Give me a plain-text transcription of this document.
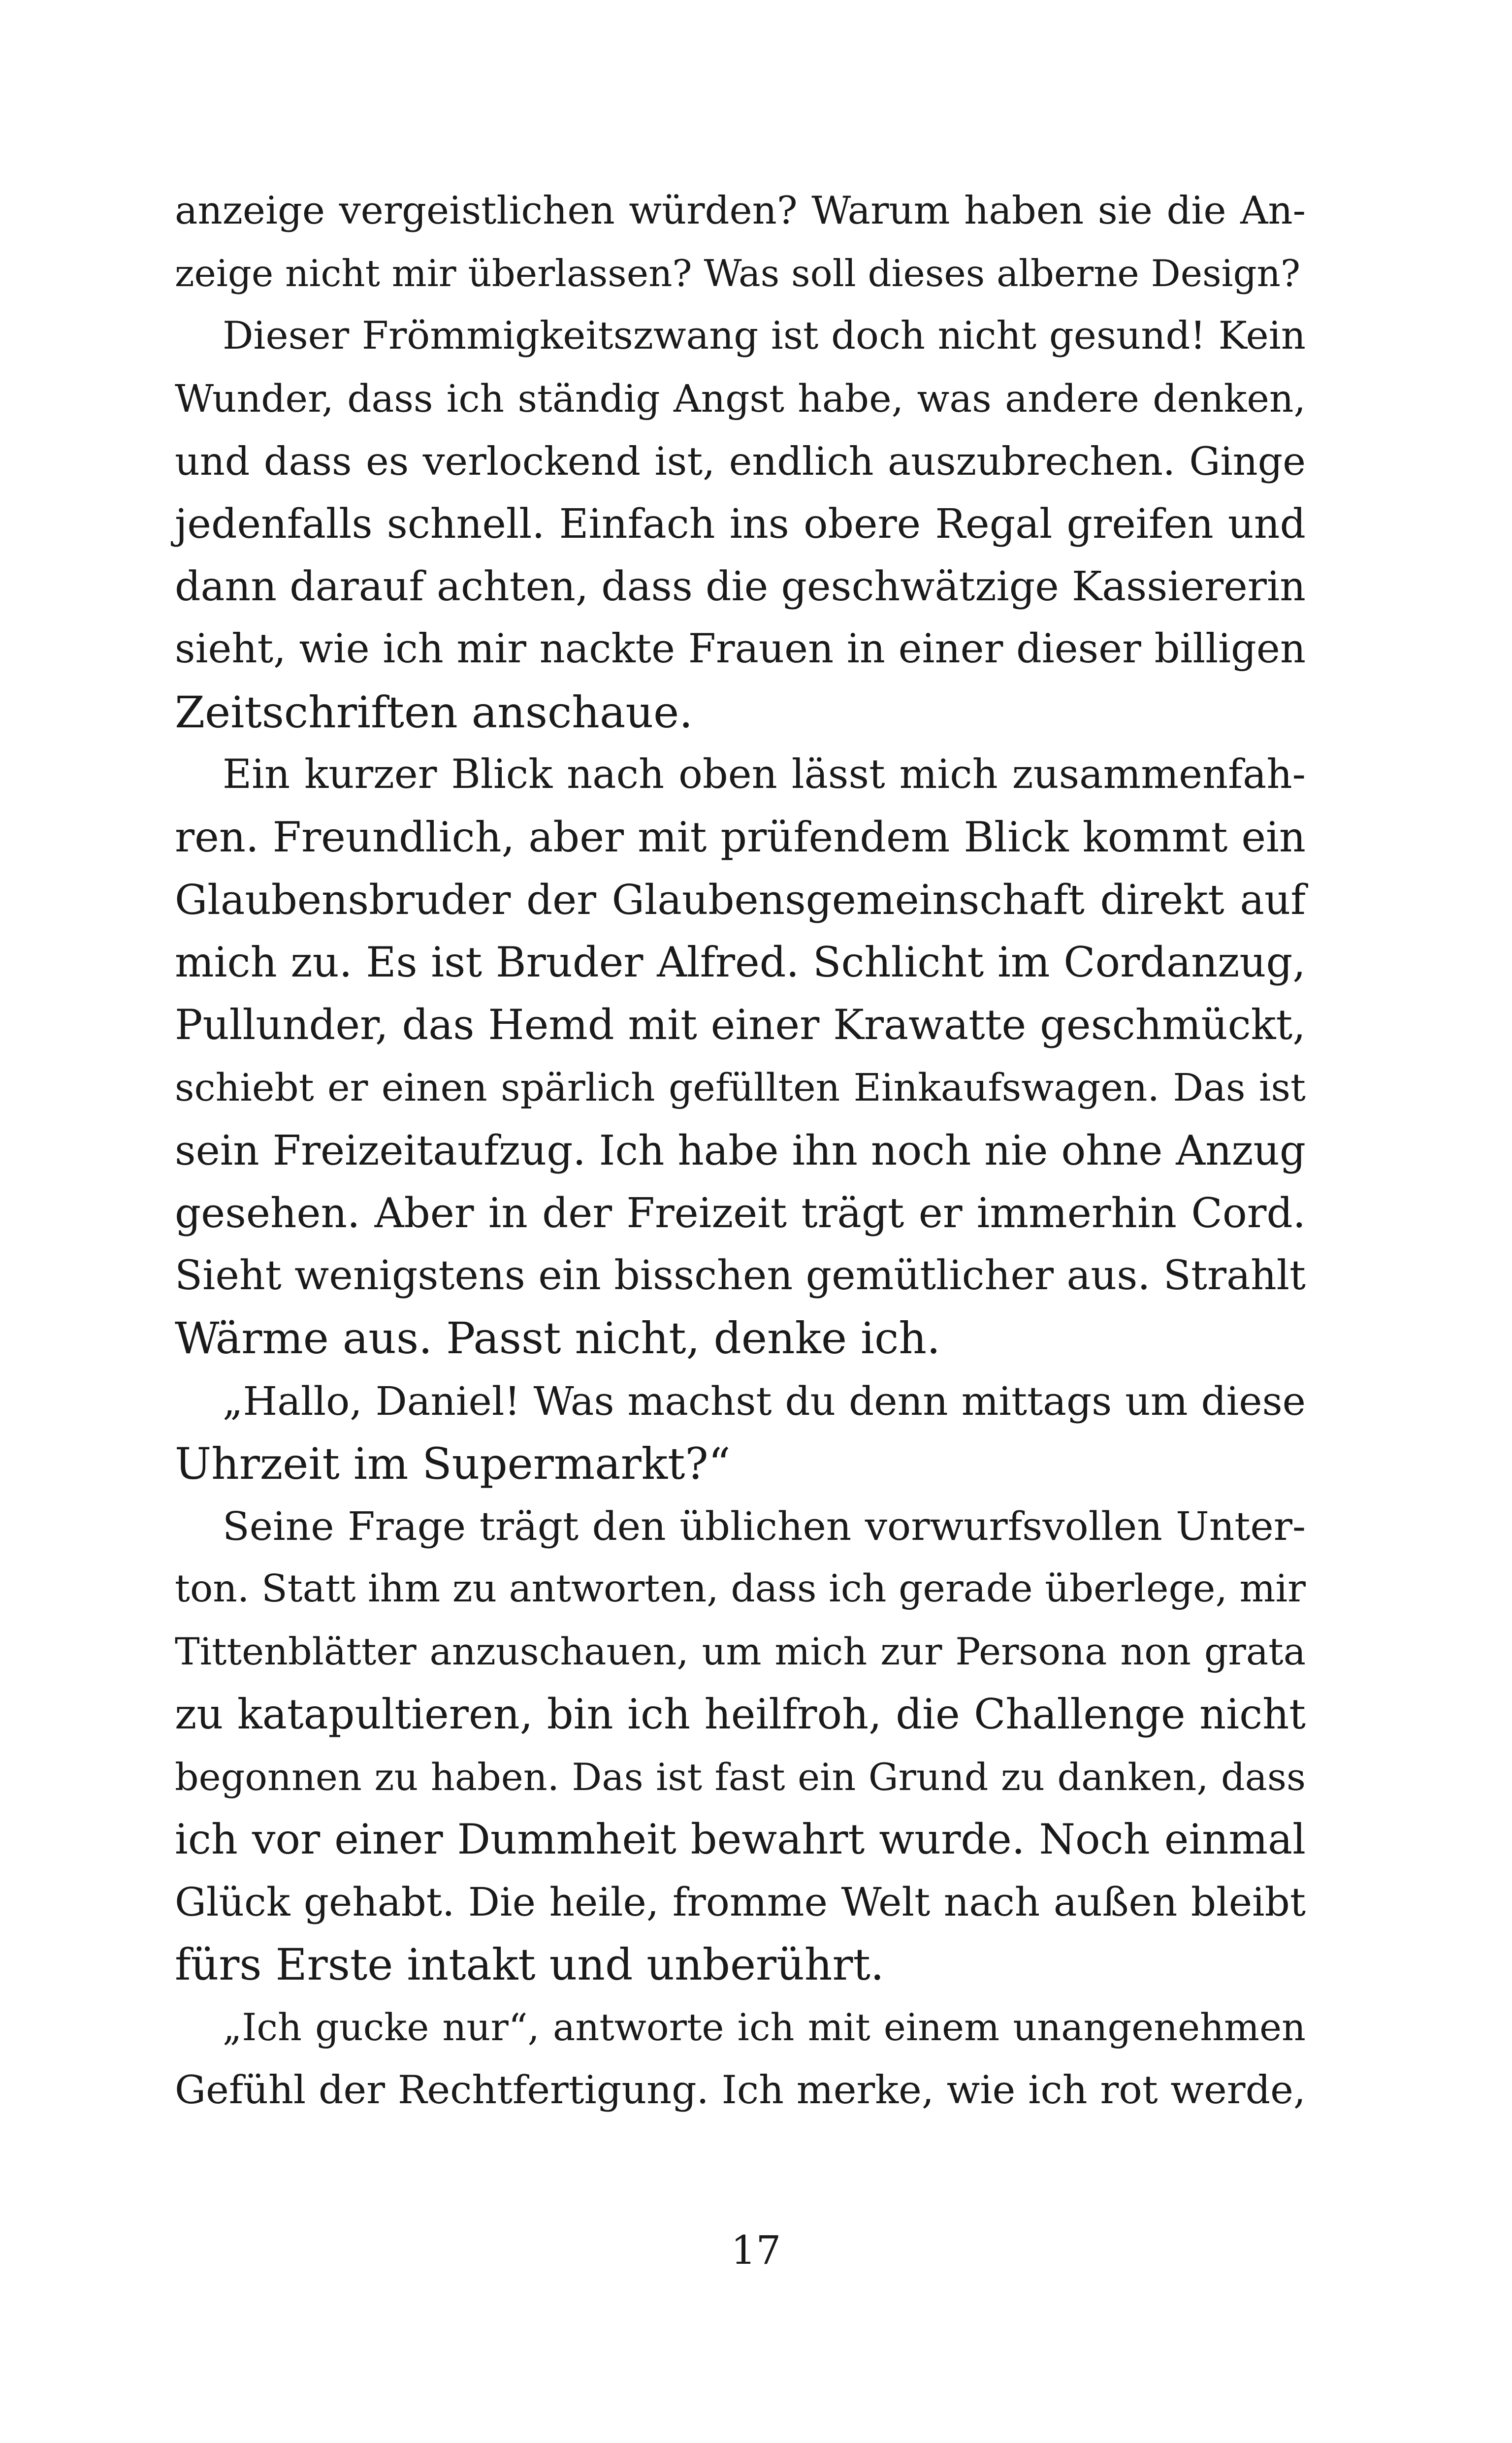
anzeige vergeistlichen würden? Warum haben sie die An-
zeige nicht mir überlassen? Was soll dieses alberne Design?
Dieser Frömmigkeitszwang ist doch nicht gesund! Kein
Wunder, dass ich ständig Angst habe, was andere denken,
und dass es verlockend ist, endlich auszubrechen. Ginge
jedenfalls schnell. Einfach ins obere Regal greifen und
dann darauf achten, dass die geschwätzige Kassiererin
sieht, wie ich mir nackte Frauen in einer dieser billigen
Zeitschriften anschaue.
Ein kurzer Blick nach oben lässt mich zusammenfah-
ren. Freundlich, aber mit prüfendem Blick kommt ein
Glaubensbruder der Glaubensgemeinschaft direkt auf
mich zu. Es ist Bruder Alfred. Schlicht im Cordanzug,
Pullunder, das Hemd mit einer Krawatte geschmückt,
schiebt er einen spärlich gefüllten Einkaufswagen. Das ist
sein Freizeitaufzug. Ich habe ihn noch nie ohne Anzug
gesehen. Aber in der Freizeit trägt er immerhin Cord.
Sieht wenigstens ein bisschen gemütlicher aus. Strahlt
Wärme aus. Passt nicht, denke ich.
„Hallo, Daniel! Was machst du denn mittags um diese
Uhrzeit im Supermarkt?“
Seine Frage trägt den üblichen vorwurfsvollen Unter-
ton. Statt ihm zu antworten, dass ich gerade überlege, mir
Tittenblätter anzuschauen, um mich zur Persona non grata
zu katapultieren, bin ich heilfroh, die Challenge nicht
begonnen zu haben. Das ist fast ein Grund zu danken, dass
ich vor einer Dummheit bewahrt wurde. Noch einmal
Glück gehabt. Die heile, fromme Welt nach außen bleibt
fürs Erste intakt und unberührt.
„Ich gucke nur“, antworte ich mit einem unangenehmen
Gefühl der Rechtfertigung. Ich merke, wie ich rot werde,
17
